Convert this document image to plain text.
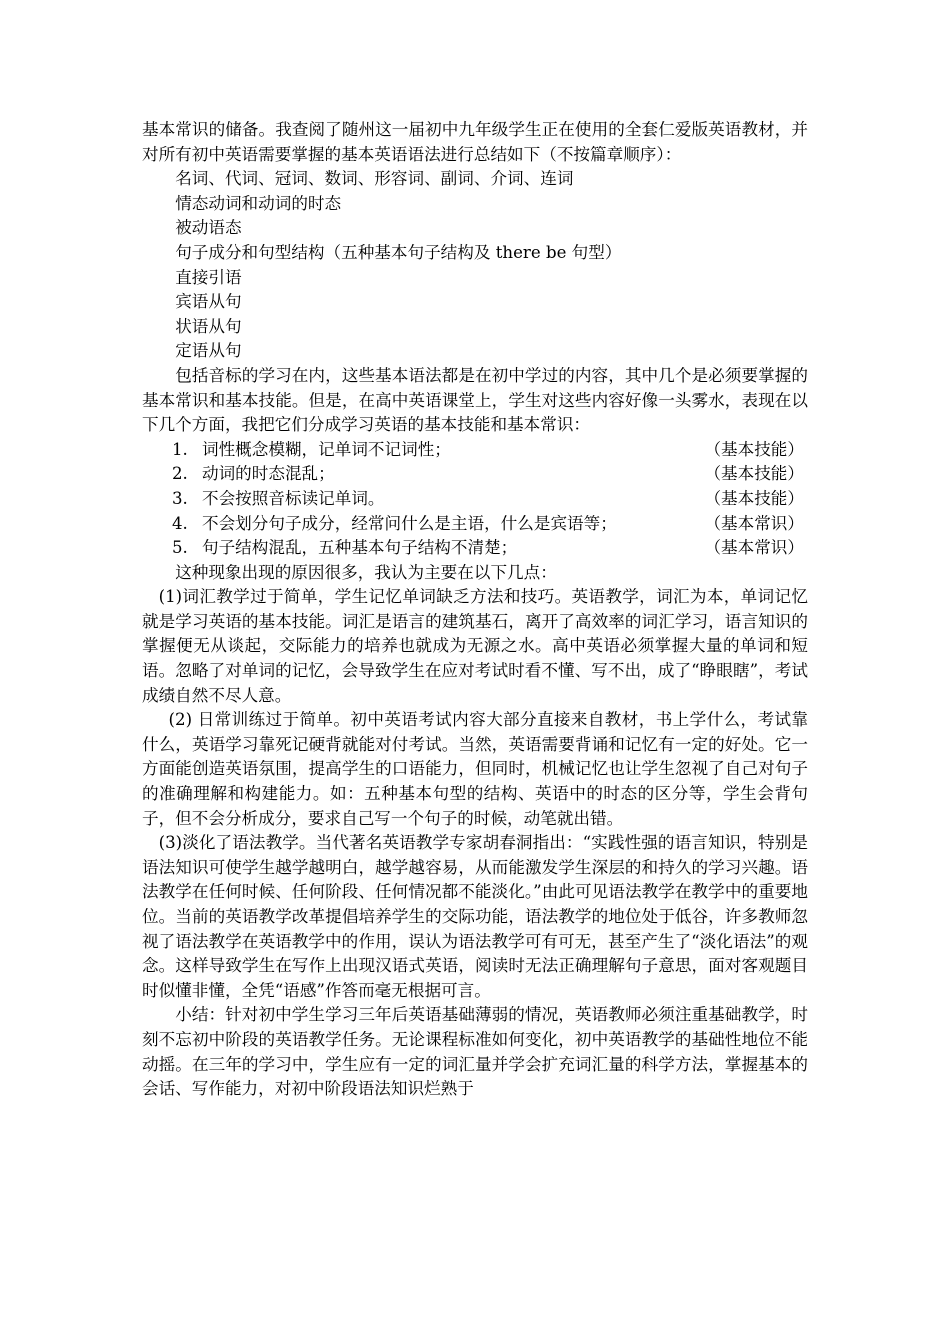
基本常识的储备。我查阅了随州这一届初中九年级学生正在使用的全套仁爱版英语教材，并对所有初中英语需要掌握的基本英语语法进行总结如下（不按篇章顺序）：

名词、代词、冠词、数词、形容词、副词、介词、连词

情态动词和动词的时态

被动语态

句子成分和句型结构（五种基本句子结构及 there be 句型）

直接引语

宾语从句

状语从句

定语从句

包括音标的学习在内，这些基本语法都是在初中学过的内容，其中几个是必须要掌握的基本常识和基本技能。但是，在高中英语课堂上，学生对这些内容好像一头雾水，表现在以下几个方面，我把它们分成学习英语的基本技能和基本常识：

1. 词性概念模糊，记单词不记词性；	（基本技能）

2. 动词的时态混乱；	（基本技能）

3. 不会按照音标读记单词。	（基本技能）

4. 不会划分句子成分，经常问什么是主语，什么是宾语等；	（基本常识）

5. 句子结构混乱，五种基本句子结构不清楚；	（基本常识）

这种现象出现的原因很多，我认为主要在以下几点：

(1)词汇教学过于简单，学生记忆单词缺乏方法和技巧。英语教学，词汇为本，单词记忆就是学习英语的基本技能。词汇是语言的建筑基石，离开了高效率的词汇学习，语言知识的掌握便无从谈起，交际能力的培养也就成为无源之水。高中英语必须掌握大量的单词和短语。忽略了对单词的记忆，会导致学生在应对考试时看不懂、写不出，成了“睁眼瞎”，考试成绩自然不尽人意。

(2) 日常训练过于简单。初中英语考试内容大部分直接来自教材，书上学什么，考试靠什么，英语学习靠死记硬背就能对付考试。当然，英语需要背诵和记忆有一定的好处。它一方面能创造英语氛围，提高学生的口语能力，但同时，机械记忆也让学生忽视了自己对句子的准确理解和构建能力。如：五种基本句型的结构、英语中的时态的区分等，学生会背句子，但不会分析成分，要求自己写一个句子的时候，动笔就出错。

(3)淡化了语法教学。当代著名英语教学专家胡春洞指出：“实践性强的语言知识，特别是语法知识可使学生越学越明白，越学越容易，从而能激发学生深层的和持久的学习兴趣。语法教学在任何时候、任何阶段、任何情况都不能淡化。”由此可见语法教学在教学中的重要地位。当前的英语教学改革提倡培养学生的交际功能，语法教学的地位处于低谷，许多教师忽视了语法教学在英语教学中的作用，误认为语法教学可有可无，甚至产生了“淡化语法”的观念。这样导致学生在写作上出现汉语式英语，阅读时无法正确理解句子意思，面对客观题目时似懂非懂，全凭“语感”作答而毫无根据可言。

小结：针对初中学生学习三年后英语基础薄弱的情况，英语教师必须注重基础教学，时刻不忘初中阶段的英语教学任务。无论课程标准如何变化，初中英语教学的基础性地位不能动摇。在三年的学习中，学生应有一定的词汇量并学会扩充词汇量的科学方法，掌握基本的会话、写作能力，对初中阶段语法知识烂熟于
